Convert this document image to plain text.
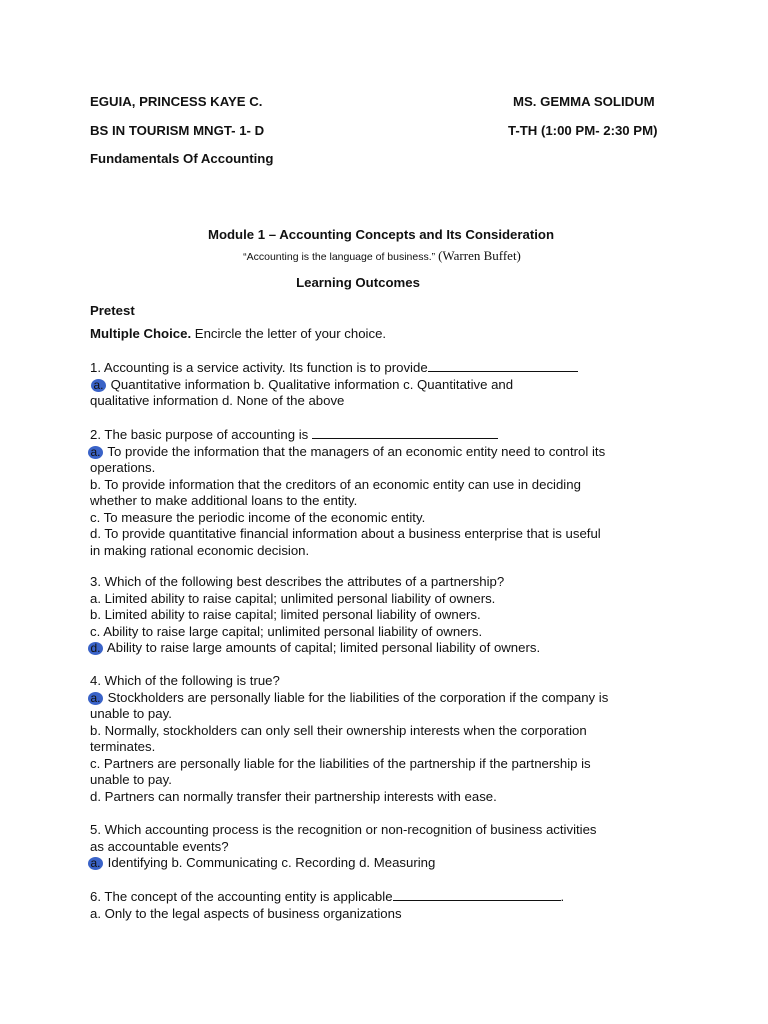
EGUIA, PRINCESS KAYE C.	MS. GEMMA SOLIDUM
BS IN TOURISM MNGT- 1- D	T-TH (1:00 PM- 2:30 PM)
Fundamentals Of Accounting
Module 1 – Accounting Concepts and Its Consideration
“Accounting is the language of business.” (Warren Buffet)
Learning Outcomes
Pretest
Multiple Choice. Encircle the letter of your choice.
1. Accounting is a service activity. Its function is to provide
a. Quantitative information b. Qualitative information c. Quantitative and
qualitative information d. None of the above
2. The basic purpose of accounting is
a. To provide the information that the managers of an economic entity need to control its operations.
b. To provide information that the creditors of an economic entity can use in deciding whether to make additional loans to the entity.
c. To measure the periodic income of the economic entity.
d. To provide quantitative financial information about a business enterprise that is useful in making rational economic decision.
3. Which of the following best describes the attributes of a partnership?
a. Limited ability to raise capital; unlimited personal liability of owners.
b. Limited ability to raise capital; limited personal liability of owners.
c. Ability to raise large capital; unlimited personal liability of owners.
d. Ability to raise large amounts of capital; limited personal liability of owners.
4. Which of the following is true?
a. Stockholders are personally liable for the liabilities of the corporation if the company is unable to pay.
b. Normally, stockholders can only sell their ownership interests when the corporation terminates.
c. Partners are personally liable for the liabilities of the partnership if the partnership is unable to pay.
d. Partners can normally transfer their partnership interests with ease.
5. Which accounting process is the recognition or non-recognition of business activities as accountable events?
a. Identifying b. Communicating c. Recording d. Measuring
6. The concept of the accounting entity is applicable	.
a. Only to the legal aspects of business organizations
